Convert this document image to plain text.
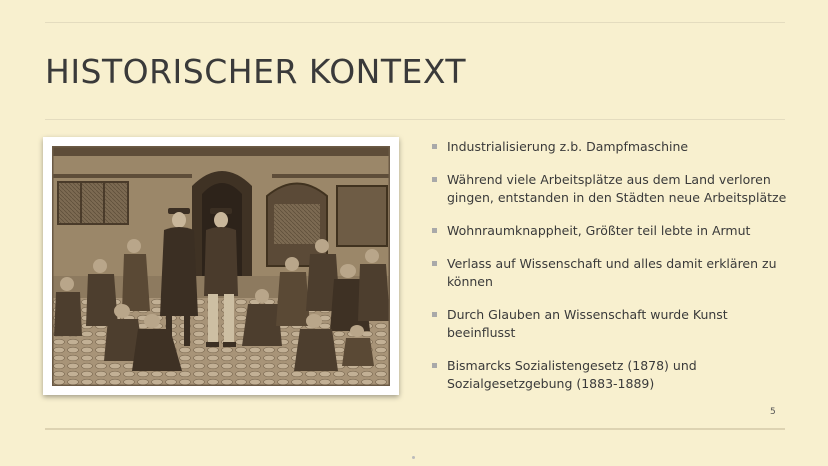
HISTORISCHER KONTEXT
Industrialisierung z.b. Dampfmaschine
Während viele Arbeitsplätze aus dem Land verloren gingen, entstanden in den Städten neue Arbeitsplätze
Wohnraumknappheit, Größter teil lebte in Armut
Verlass auf Wissenschaft und alles damit erklären zu können
Durch Glauben an Wissenschaft wurde Kunst beeinflusst
Bismarcks Sozialistengesetz (1878) und Sozialgesetzgebung (1883-1889)
5
